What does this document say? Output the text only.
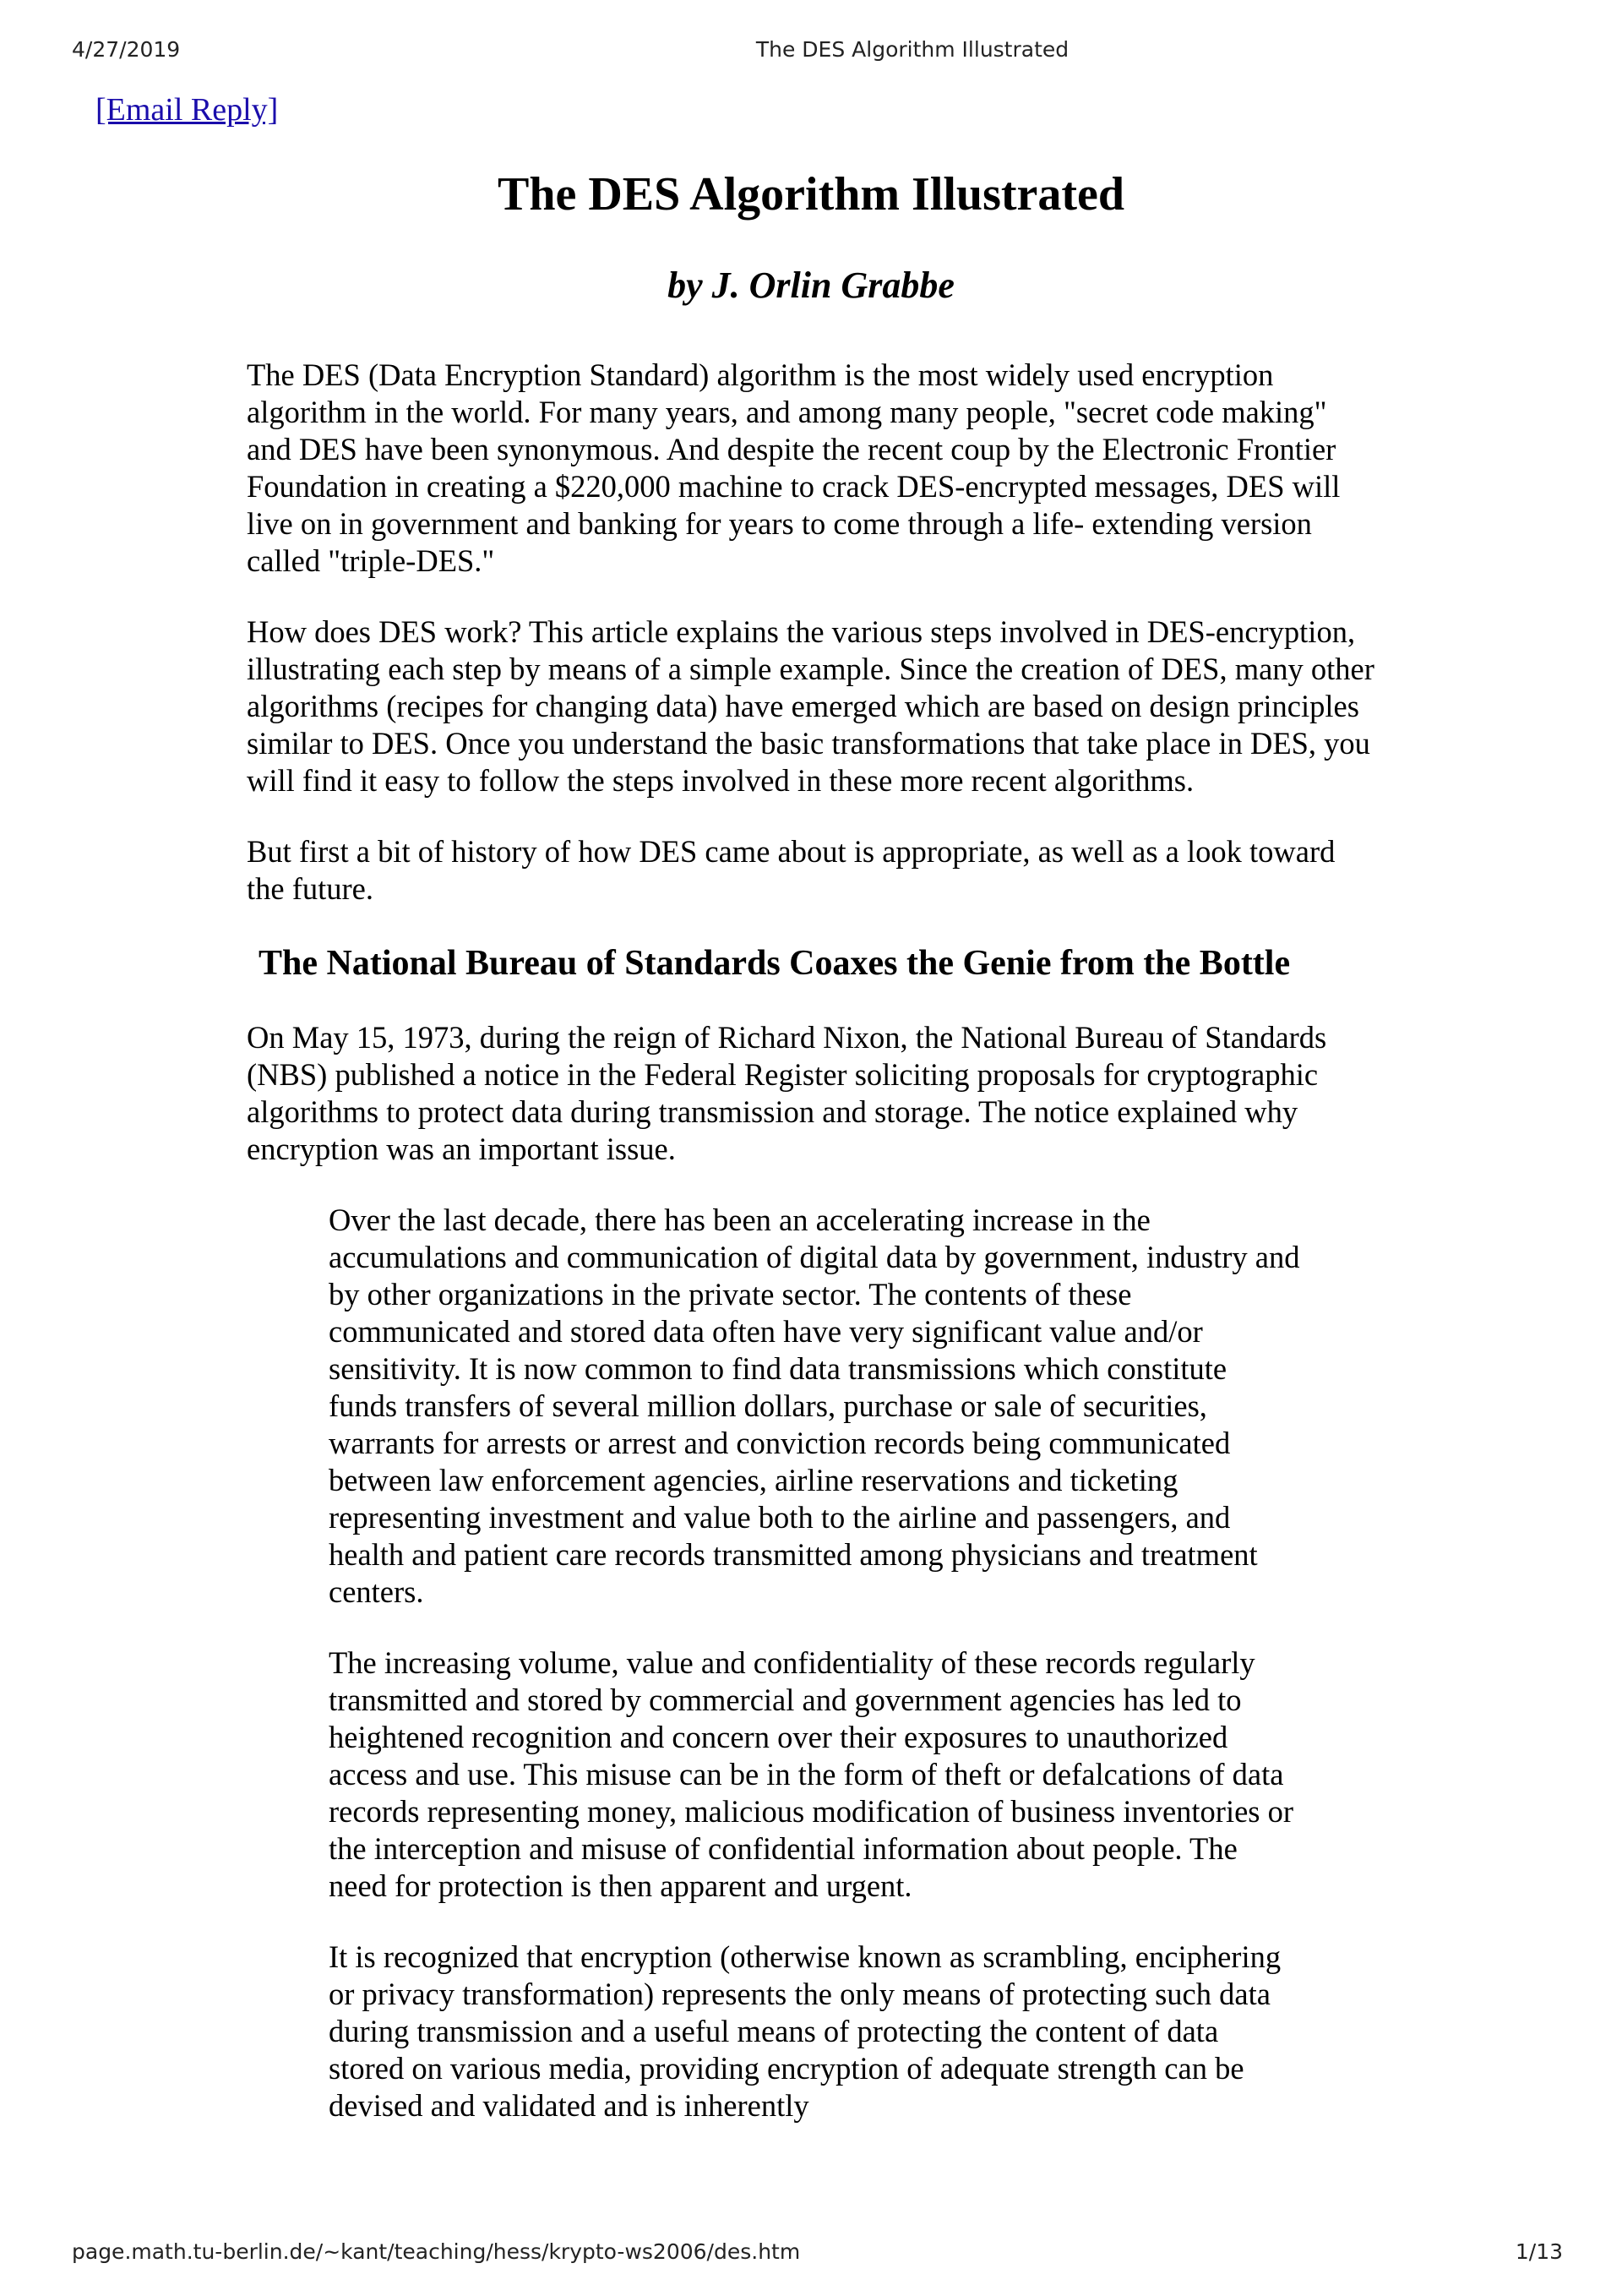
4/27/2019	The DES Algorithm Illustrated
[Email Reply]
The DES Algorithm Illustrated
by J. Orlin Grabbe

The DES (Data Encryption Standard) algorithm is the most widely used encryption algorithm in the world. For many years, and among many people, "secret code making" and DES have been synonymous. And despite the recent coup by the Electronic Frontier Foundation in creating a $220,000 machine to crack DES-encrypted messages, DES will live on in government and banking for years to come through a life- extending version called "triple-DES."

How does DES work? This article explains the various steps involved in DES-encryption, illustrating each step by means of a simple example. Since the creation of DES, many other algorithms (recipes for changing data) have emerged which are based on design principles similar to DES. Once you understand the basic transformations that take place in DES, you will find it easy to follow the steps involved in these more recent algorithms.

But first a bit of history of how DES came about is appropriate, as well as a look toward the future.

The National Bureau of Standards Coaxes the Genie from the Bottle

On May 15, 1973, during the reign of Richard Nixon, the National Bureau of Standards (NBS) published a notice in the Federal Register soliciting proposals for cryptographic algorithms to protect data during transmission and storage. The notice explained why encryption was an important issue.

Over the last decade, there has been an accelerating increase in the accumulations and communication of digital data by government, industry and by other organizations in the private sector. The contents of these communicated and stored data often have very significant value and/or sensitivity. It is now common to find data transmissions which constitute funds transfers of several million dollars, purchase or sale of securities, warrants for arrests or arrest and conviction records being communicated between law enforcement agencies, airline reservations and ticketing representing investment and value both to the airline and passengers, and health and patient care records transmitted among physicians and treatment centers.

The increasing volume, value and confidentiality of these records regularly transmitted and stored by commercial and government agencies has led to heightened recognition and concern over their exposures to unauthorized access and use. This misuse can be in the form of theft or defalcations of data records representing money, malicious modification of business inventories or the interception and misuse of confidential information about people. The need for protection is then apparent and urgent.

It is recognized that encryption (otherwise known as scrambling, enciphering or privacy transformation) represents the only means of protecting such data during transmission and a useful means of protecting the content of data stored on various media, providing encryption of adequate strength can be devised and validated and is inherently

page.math.tu-berlin.de/~kant/teaching/hess/krypto-ws2006/des.htm	1/13
